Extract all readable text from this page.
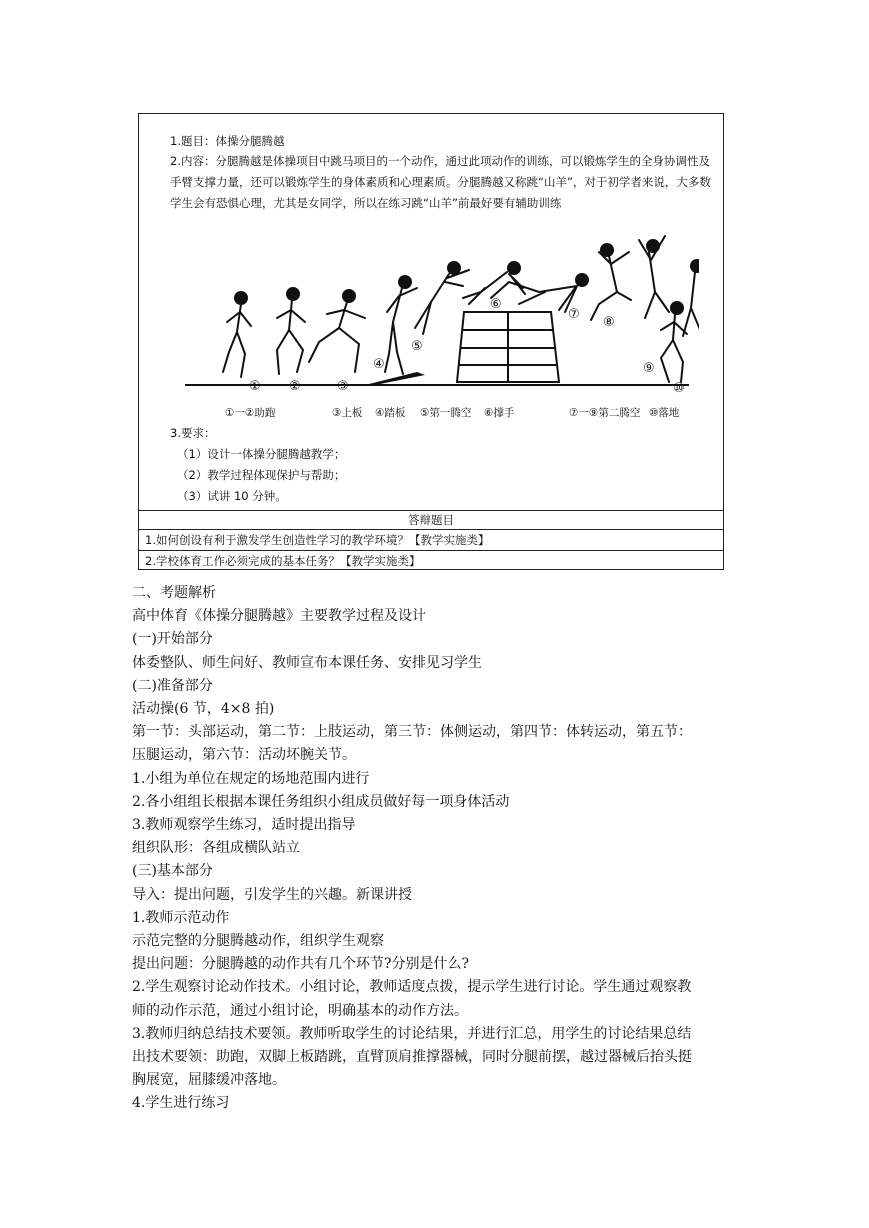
1.题目：体操分腿腾越
2.内容：分腿腾越是体操项目中跳马项目的一个动作，通过此项动作的训练，可以锻炼学生的全身协调性及手臂支撑力量，还可以锻炼学生的身体素质和心理素质。分腿腾越又称跳“山羊”，对于初学者来说，大多数学生会有恐惧心理，尤其是女同学，所以在练习跳“山羊”前最好要有辅助训练
① ②	③
④
⑤
⑥
⑦
⑧
⑨
⑩
①一②助跑	③上板 ④踏板 ⑤第一腾空 ⑥撑手	⑦一⑨第二腾空 ⑩落地
3.要求：
（1）设计一体操分腿腾越教学；
（2）教学过程体现保护与帮助；
（3）试讲 10 分钟。
答辩题目
1.如何创设有利于激发学生创造性学习的教学环境？【教学实施类】
2.学校体育工作必须完成的基本任务？【教学实施类】

二、考题解析

高中体育《体操分腿腾越》主要教学过程及设计

(一)开始部分

体委整队、师生问好、教师宣布本课任务、安排见习学生

(二)准备部分

活动操(6 节，4×8 拍)

第一节：头部运动，第二节：上肢运动，第三节：体侧运动，第四节：体转运动，第五节：

压腿运动，第六节：活动坏腕关节。

1.小组为单位在规定的场地范围内进行

2.各小组组长根据本课任务组织小组成员做好每一项身体活动

3.教师观察学生练习，适时提出指导

组织队形：各组成横队站立

(三)基本部分

导入：提出问题，引发学生的兴趣。新课讲授

1.教师示范动作

示范完整的分腿腾越动作，组织学生观察

提出问题：分腿腾越的动作共有几个环节?分别是什么?

2.学生观察讨论动作技术。小组讨论，教师适度点拨，提示学生进行讨论。学生通过观察教

师的动作示范，通过小组讨论，明确基本的动作方法。

3.教师归纳总结技术要领。教师听取学生的讨论结果，并进行汇总，用学生的讨论结果总结

出技术要领：助跑，双脚上板踏跳，直臂顶肩推撑器械，同时分腿前摆，越过器械后抬头挺

胸展宽，屈膝缓冲落地。

4.学生进行练习
